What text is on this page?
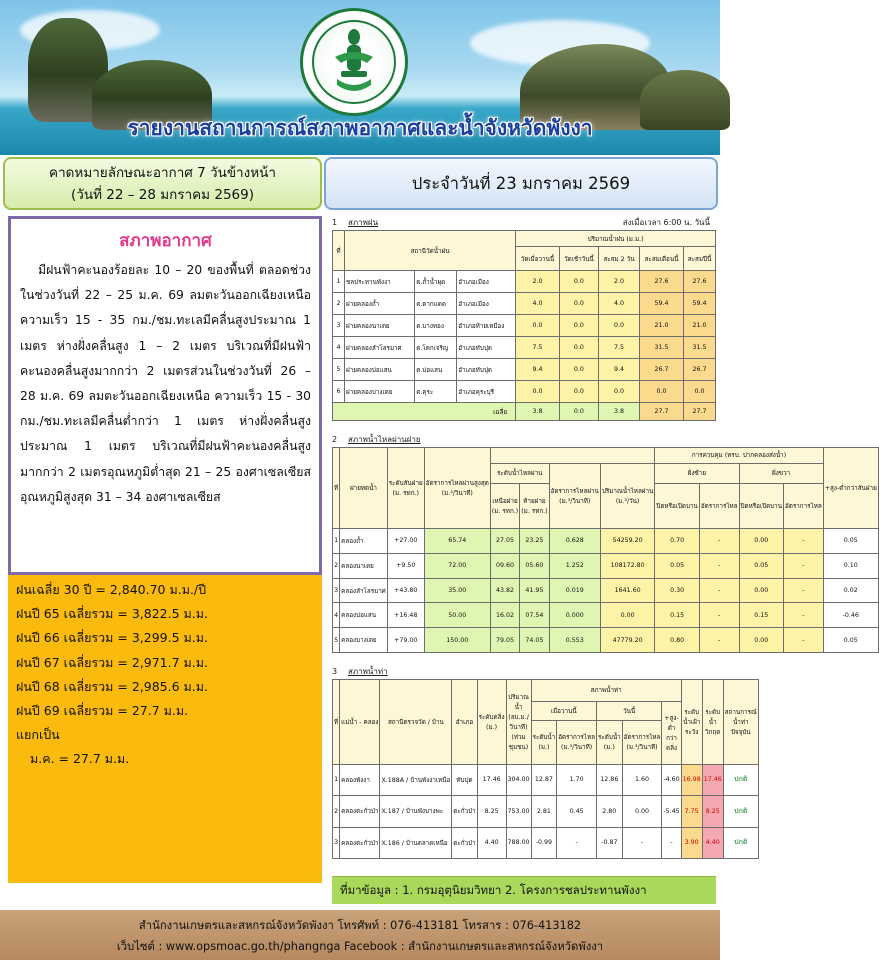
รายงานสถานการณ์สภาพอากาศและน้ำจังหวัดพังงา
คาดหมายลักษณะอากาศ 7 วันข้างหน้า
(วันที่ 22 – 28 มกราคม 2569)
ประจำวันที่ 23 มกราคม 2569
สภาพอากาศ
มีฝนฟ้าคะนองร้อยละ 10 – 20 ของพื้นที่ ตลอดช่วง ในช่วงวันที่ 22 – 25 ม.ค. 69 ลมตะวันออกเฉียงเหนือ ความเร็ว 15 - 35 กม./ชม.ทะเลมีคลื่นสูงประมาณ 1 เมตร ห่างฝั่งคลื่นสูง 1 – 2 เมตร บริเวณที่มีฝนฟ้าคะนองคลื่นสูงมากกว่า 2 เมตรส่วนในช่วงวันที่ 26 – 28 ม.ค. 69 ลมตะวันออกเฉียงเหนือ ความเร็ว 15 - 30 กม./ชม.ทะเลมีคลื่นต่ำกว่า 1 เมตร ห่างฝั่งคลื่นสูงประมาณ 1 เมตร บริเวณที่มีฝนฟ้าคะนองคลื่นสูงมากกว่า 2 เมตรอุณหภูมิต่ำสุด 21 – 25 องศาเซลเซียส อุณหภูมิสูงสุด 31 – 34 องศาเซลเซียส
ฝนเฉลี่ย 30 ปี = 2,840.70 ม.ม./ปี
ฝนปี 65 เฉลี่ยรวม = 3,822.5 ม.ม.
ฝนปี 66 เฉลี่ยรวม = 3,299.5 ม.ม.
ฝนปี 67 เฉลี่ยรวม = 2,971.7 ม.ม.
ฝนปี 68 เฉลี่ยรวม = 2,985.6 ม.ม.
ฝนปี 69 เฉลี่ยรวม = 27.7 ม.ม.
แยกเป็น
ม.ค. = 27.7 ม.ม.
1	สภาพฝน	ส่งเมื่อเวลา 6:00 น. วันนี้
ที่	สถานีวัดน้ำฝน			ปริมาณน้ำฝน (ม.ม.)				
				วัดเมื่อวานนี้	วัดเช้าวันนี้	สะสม 2 วัน	สะสมเดือนนี้	สะสมปีนี้
1	ชลประทานพังงา	ต.ถ้ำน้ำผุด	อำเภอเมือง	2.0	0.0	2.0	27.6	27.6
2	ฝายคลองถ้ำ	ต.ตากแดด	อำเภอเมือง	4.0	0.0	4.0	59.4	59.4
3	ฝายคลองนาเตย	ต.บางทอง	อำเภอท้ายเหมือง	0.0	0.0	0.0	21.0	21.0
4	ฝายคลองลำโลรมาศ	ต.โคกเจริญ	อำเภอทับปุด	7.5	0.0	7.5	31.5	31.5
5	ฝายคลองบ่อแสน	ต.บ่อแสน	อำเภอทับปุด	9.4	0.0	9.4	26.7	26.7
6	ฝายคลองบางเตย	ต.คุระ	อำเภอคุระบุรี	0.0	0.0	0.0	0.0	0.0
เฉลี่ย				3.8	0.0	3.8	27.7	27.7
2	สภาพน้ำไหลผ่านฝาย
ที่	ฝายทดน้ำ	ระดับสันฝาย
(ม. รทก.)	อัตราการไหลผ่านสูงสุด
(ม.³/วินาที)					การควบคุม (ทรบ. ปากคลองส่งน้ำ)				+สูง-ต่ำกว่าสันฝาย
				ระดับน้ำไหลผ่าน		อัตราการไหลผ่าน
(ม.³/วินาที)	ปริมาณน้ำไหลผ่าน
(ม.³/วัน)	ฝั่งซ้าย		ฝั่งขวา		
				เหนือฝาย
(ม. รทก.)	ท้ายฝาย
(ม. รทก.)			ปิดหรือเปิดบาน	อัตราการไหล	ปิดหรือเปิดบาน	อัตราการไหล	
1	คลองถ้ำ	+27.00	65.74	27.05	23.25	0.628	54259.20	0.70	-	0.00	-	0.05
2	คลองนาเตย	+9.50	72.00	09.60	05.60	1.252	108172.80	0.05	-	0.05	-	0.10
3	คลองลำโลรมาศ	+43.80	35.00	43.82	41.95	0.019	1641.60	0.30	-	0.00	-	0.02
4	คลองบ่อแสน	+16.48	50.00	16.02	07.54	0.000	0.00	0.15	-	0.15	-	-0.46
5	คลองบางเตย	+79.00	150.00	79.05	74.05	0.553	47779.20	0.80	-	0.00	-	0.05
3	สภาพน้ำท่า
ที่	แม่น้ำ - คลอง	สถานีตรวจวัด / บ้าน	อำเภอ	ระดับตลิ่ง
(ม.)	ปริมาณน้ำ (ลบ.ม./วินาที) (ท่วมชุมชน)	สภาพน้ำท่า					ระดับน้ำเฝ้าระวัง	ระดับน้ำวิกฤต	สถานการณ์น้ำท่าปัจจุบัน
						เมื่อวานนี้		วันนี้		+สูง-ต่ำกว่าตลิ่ง			
						ระดับน้ำ
(ม.)	อัตราการไหล
(ม.³/วินาที)	ระดับน้ำ
(ม.)	อัตราการไหล
(ม.³/วินาที)				
1	คลองพังงา	X.188A / บ้านพังงาเหนือ	ทับปุด	17.46	304.00	12.87	1.70	12.86	1.60	-4.60	16.98	17.46	ปกติ
2	คลองตะกั่วป่า	X.187 / บ้านพังบางพะ	ตะกั่วป่า	8.25	753.00	2.81	0.45	2.80	0.00	-5.45	7.75	8.25	ปกติ
3	คลองตะกั่วป่า	X.186 / บ้านตลาดเหนือ	ตะกั่วป่า	4.40	788.00	-0.99	-	-0.87	-	-	3.90	4.40	ปกติ
ที่มาข้อมูล : 1. กรมอุตุนิยมวิทยา 2. โครงการชลประทานพังงา
สำนักงานเกษตรและสหกรณ์จังหวัดพังงา โทรศัพท์ : 076-413181 โทรสาร : 076-413182
เว็บไซต์ : www.opsmoac.go.th/phangnga Facebook : สำนักงานเกษตรและสหกรณ์จังหวัดพังงา
